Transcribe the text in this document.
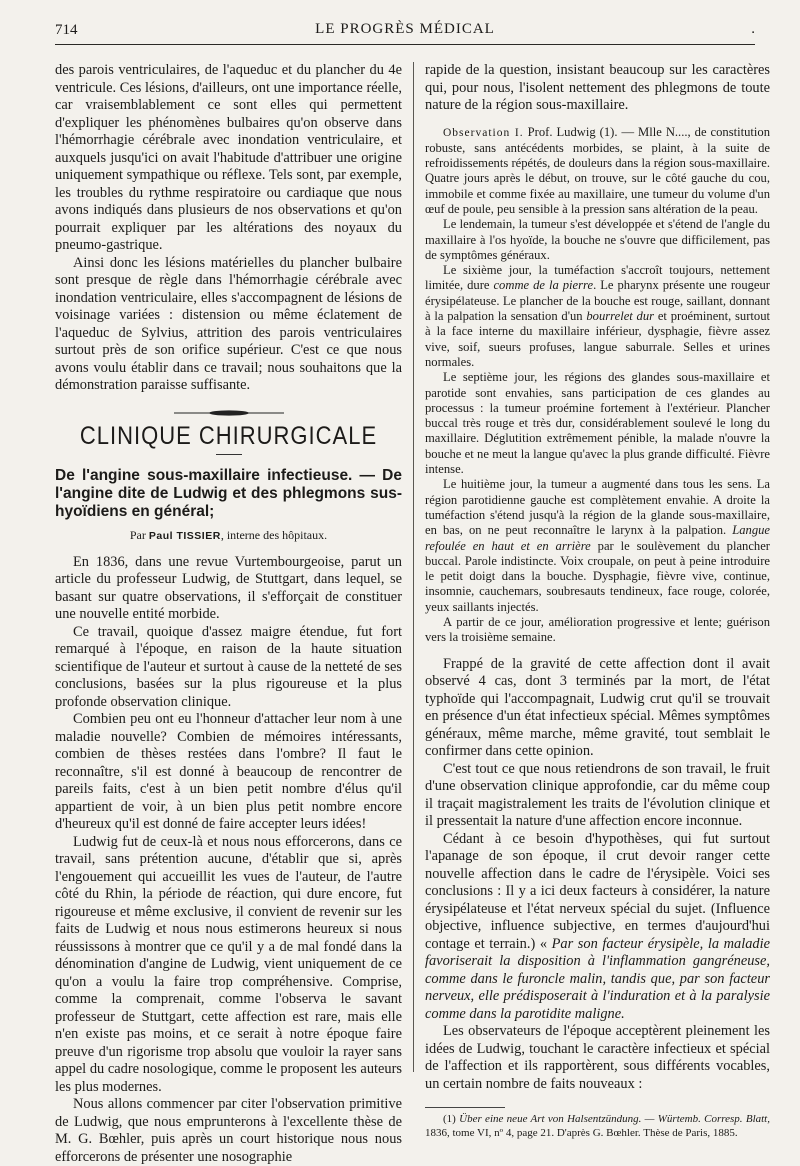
714	LE PROGRÈS MÉDICAL	.

des parois ventriculaires, de l'aqueduc et du plancher du 4e ventricule. Ces lésions, d'ailleurs, ont une importance réelle, car vraisemblablement ce sont elles qui permettent d'expliquer les phénomènes bulbaires qu'on observe dans l'hémorrhagie cérébrale avec inondation ventriculaire, et auxquels jusqu'ici on avait l'habitude d'attribuer une origine uniquement sympathique ou réflexe. Tels sont, par exemple, les troubles du rythme respiratoire ou cardiaque que nous avons indiqués dans plusieurs de nos observations et qu'on pourrait expliquer par les altérations des noyaux du pneumo-gastrique.

Ainsi donc les lésions matérielles du plancher bulbaire sont presque de règle dans l'hémorrhagie cérébrale avec inondation ventriculaire, elles s'accompagnent de lésions de voisinage variées : distension ou même éclatement de l'aqueduc de Sylvius, attrition des parois ventriculaires surtout près de son orifice supérieur. C'est ce que nous avons voulu établir dans ce travail; nous souhaitons que la démonstration paraisse suffisante.

CLINIQUE CHIRURGICALE
De l'angine sous-maxillaire infectieuse. — De l'angine dite de Ludwig et des phlegmons sus-hyoïdiens en général;
Par Paul TISSIER, interne des hôpitaux.

En 1836, dans une revue Vurtembourgeoise, parut un article du professeur Ludwig, de Stuttgart, dans lequel, se basant sur quatre observations, il s'efforçait de constituer une nouvelle entité morbide.

Ce travail, quoique d'assez maigre étendue, fut fort remarqué à l'époque, en raison de la haute situation scientifique de l'auteur et surtout à cause de la netteté de ses conclusions, basées sur la plus rigoureuse et la plus profonde observation clinique.

Combien peu ont eu l'honneur d'attacher leur nom à une maladie nouvelle? Combien de mémoires intéressants, combien de thèses restées dans l'ombre? Il faut le reconnaître, s'il est donné à beaucoup de rencontrer de pareils faits, c'est à un bien petit nombre d'élus qu'il appartient de voir, à un bien plus petit nombre encore d'heureux qu'il est donné de faire accepter leurs idées!

Ludwig fut de ceux-là et nous nous efforcerons, dans ce travail, sans prétention aucune, d'établir que si, après l'engouement qui accueillit les vues de l'auteur, de l'autre côté du Rhin, la période de réaction, qui dure encore, fut rigoureuse et même exclusive, il convient de revenir sur les faits de Ludwig et nous nous estimerons heureux si nous réussissons à montrer que ce qu'il y a de mal fondé dans la dénomination d'angine de Ludwig, vient uniquement de ce qu'on a voulu la faire trop compréhensive. Comprise, comme la comprenait, comme l'observa le savant professeur de Stuttgart, cette affection est rare, mais elle n'en existe pas moins, et ce serait à notre époque faire preuve d'un rigorisme trop absolu que vouloir la rayer sans appel du cadre nosologique, comme le proposent les auteurs les plus modernes.

Nous allons commencer par citer l'observation primitive de Ludwig, que nous emprunterons à l'excellente thèse de M. G. Bœhler, puis après un court historique nous nous efforcerons de présenter une nosographie

rapide de la question, insistant beaucoup sur les caractères qui, pour nous, l'isolent nettement des phlegmons de toute nature de la région sous-maxillaire.

Observation I. Prof. Ludwig (1). — Mlle N...., de constitution robuste, sans antécédents morbides, se plaint, à la suite de refroidissements répétés, de douleurs dans la région sous-maxillaire. Quatre jours après le début, on trouve, sur le côté gauche du cou, immobile et comme fixée au maxillaire, une tumeur du volume d'un œuf de poule, peu sensible à la pression sans altération de la peau.

Le lendemain, la tumeur s'est développée et s'étend de l'angle du maxillaire à l'os hyoïde, la bouche ne s'ouvre que difficilement, pas de symptômes généraux.

Le sixième jour, la tuméfaction s'accroît toujours, nettement limitée, dure comme de la pierre. Le pharynx présente une rougeur érysipélateuse. Le plancher de la bouche est rouge, saillant, donnant à la palpation la sensation d'un bourrelet dur et proéminent, surtout à la face interne du maxillaire inférieur, dysphagie, fièvre assez vive, soif, sueurs profuses, langue saburrale. Selles et urines normales.

Le septième jour, les régions des glandes sous-maxillaire et parotide sont envahies, sans participation de ces glandes au processus : la tumeur proémine fortement à l'extérieur. Plancher buccal très rouge et très dur, considérablement soulevé le long du maxillaire. Déglutition extrêmement pénible, la malade n'ouvre la bouche et ne meut la langue qu'avec la plus grande difficulté. Fièvre intense.

Le huitième jour, la tumeur a augmenté dans tous les sens. La région parotidienne gauche est complètement envahie. A droite la tuméfaction s'étend jusqu'à la région de la glande sous-maxillaire, en bas, on ne peut reconnaître le larynx à la palpation. Langue refoulée en haut et en arrière par le soulèvement du plancher buccal. Parole indistincte. Voix croupale, on peut à peine introduire le petit doigt dans la bouche. Dysphagie, fièvre vive, continue, insomnie, cauchemars, soubresauts tendineux, face rouge, colorée, yeux saillants injectés.

A partir de ce jour, amélioration progressive et lente; guérison vers la troisième semaine.

Frappé de la gravité de cette affection dont il avait observé 4 cas, dont 3 terminés par la mort, de l'état typhoïde qui l'accompagnait, Ludwig crut qu'il se trouvait en présence d'un état infectieux spécial. Mêmes symptômes généraux, même marche, même gravité, tout semblait le confirmer dans cette opinion.

C'est tout ce que nous retiendrons de son travail, le fruit d'une observation clinique approfondie, car du même coup il traçait magistralement les traits de l'évolution clinique et il pressentait la nature d'une affection encore inconnue.

Cédant à ce besoin d'hypothèses, qui fut surtout l'apanage de son époque, il crut devoir ranger cette nouvelle affection dans le cadre de l'érysipèle. Voici ses conclusions : Il y a ici deux facteurs à considérer, la nature érysipélateuse et l'état nerveux spécial du sujet. (Influence objective, influence subjective, en termes d'aujourd'hui contage et terrain.) « Par son facteur érysipèle, la maladie favoriserait la disposition à l'inflammation gangréneuse, comme dans le furoncle malin, tandis que, par son facteur nerveux, elle prédisposerait à l'induration et à la paralysie comme dans la parotidite maligne.

Les observateurs de l'époque acceptèrent pleinement les idées de Ludwig, touchant le caractère infectieux et spécial de l'affection et ils rapportèrent, sous différents vocables, un certain nombre de faits nouveaux :

(1) Über eine neue Art von Halsentzündung. — Würtemb. Corresp. Blatt, 1836, tome VI, nº 4, page 21. D'après G. Bœhler. Thèse de Paris, 1885.
